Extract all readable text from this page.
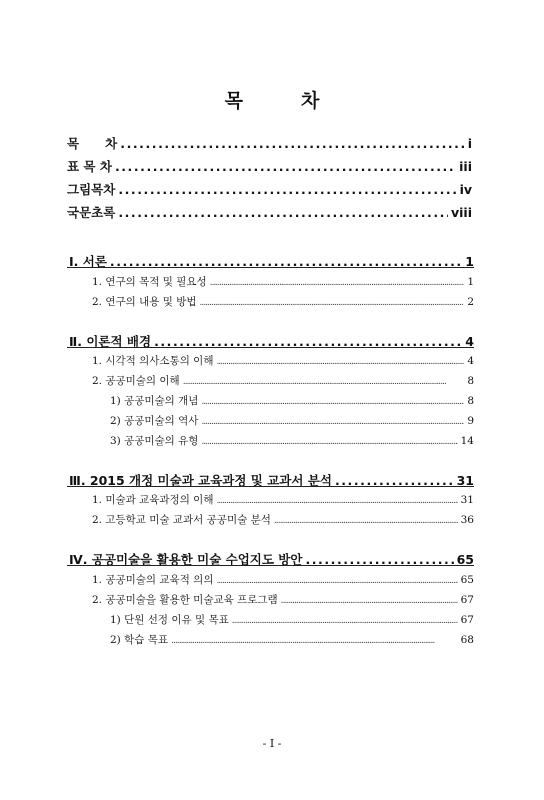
목	차
목      차 . . .	i
표 목 차 . . .	iii
그림목차 . . .	iv
국문초록 . . .	viii
Ⅰ. 서론 . . .	1
1. 연구의 목적 및 필요성 . . .	1
2. 연구의 내용 및 방법 . . .	2
Ⅱ. 이론적 배경 . . .	4
1. 시각적 의사소통의 이해 . . .	4
2. 공공미술의 이해 . . .	8
1) 공공미술의 개념 . . .	8
2) 공공미술의 역사 . . .	9
3) 공공미술의 유형 . . .	14
Ⅲ. 2015 개정 미술과 교육과정 및 교과서 분석 . . .	31
1. 미술과 교육과정의 이해 . . .	31
2. 고등학교 미술 교과서 공공미술 분석 . . .	36
Ⅳ. 공공미술을 활용한 미술 수업지도 방안 . . .	65
1. 공공미술의 교육적 의의 . . .	65
2. 공공미술을 활용한 미술교육 프로그램 . . .	67
1) 단원 선정 이유 및 목표 . . .	67
2) 학습 목표 . . .	68
- I -
